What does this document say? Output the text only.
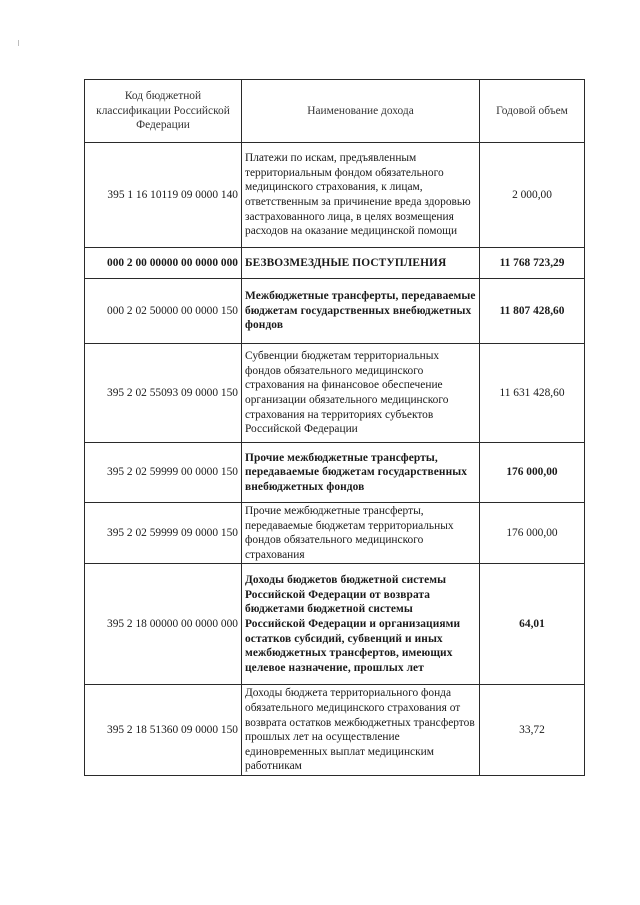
Код бюджетной классификации Российской Федерации	Наименование дохода	Годовой объем
395 1 16 10119 09 0000 140	Платежи по искам, предъявленным территориальным фондом обязательного медицинского страхования, к лицам, ответственным за причинение вреда здоровью застрахованного лица, в целях возмещения расходов на оказание медицинской помощи	2 000,00
000 2 00 00000 00 0000 000	БЕЗВОЗМЕЗДНЫЕ ПОСТУПЛЕНИЯ	11 768 723,29
000 2 02 50000 00 0000 150	Межбюджетные трансферты, передаваемые бюджетам государственных внебюджетных фондов	11 807 428,60
395 2 02 55093 09 0000 150	Субвенции бюджетам территориальных фондов обязательного медицинского страхования на финансовое обеспечение организации обязательного медицинского страхования на территориях субъектов Российской Федерации	11 631 428,60
395 2 02 59999 00 0000 150	Прочие межбюджетные трансферты, передаваемые бюджетам государственных внебюджетных фондов	176 000,00
395 2 02 59999 09 0000 150	Прочие межбюджетные трансферты, передаваемые бюджетам территориальных фондов обязательного медицинского страхования	176 000,00
395 2 18 00000 00 0000 000	Доходы бюджетов бюджетной системы Российской Федерации от возврата бюджетами бюджетной системы Российской Федерации и организациями остатков субсидий, субвенций и иных межбюджетных трансфертов, имеющих целевое назначение, прошлых лет	64,01
395 2 18 51360 09 0000 150	Доходы бюджета территориального фонда обязательного медицинского страхования от возврата остатков межбюджетных трансфертов прошлых лет на осуществление единовременных выплат медицинским работникам	33,72
